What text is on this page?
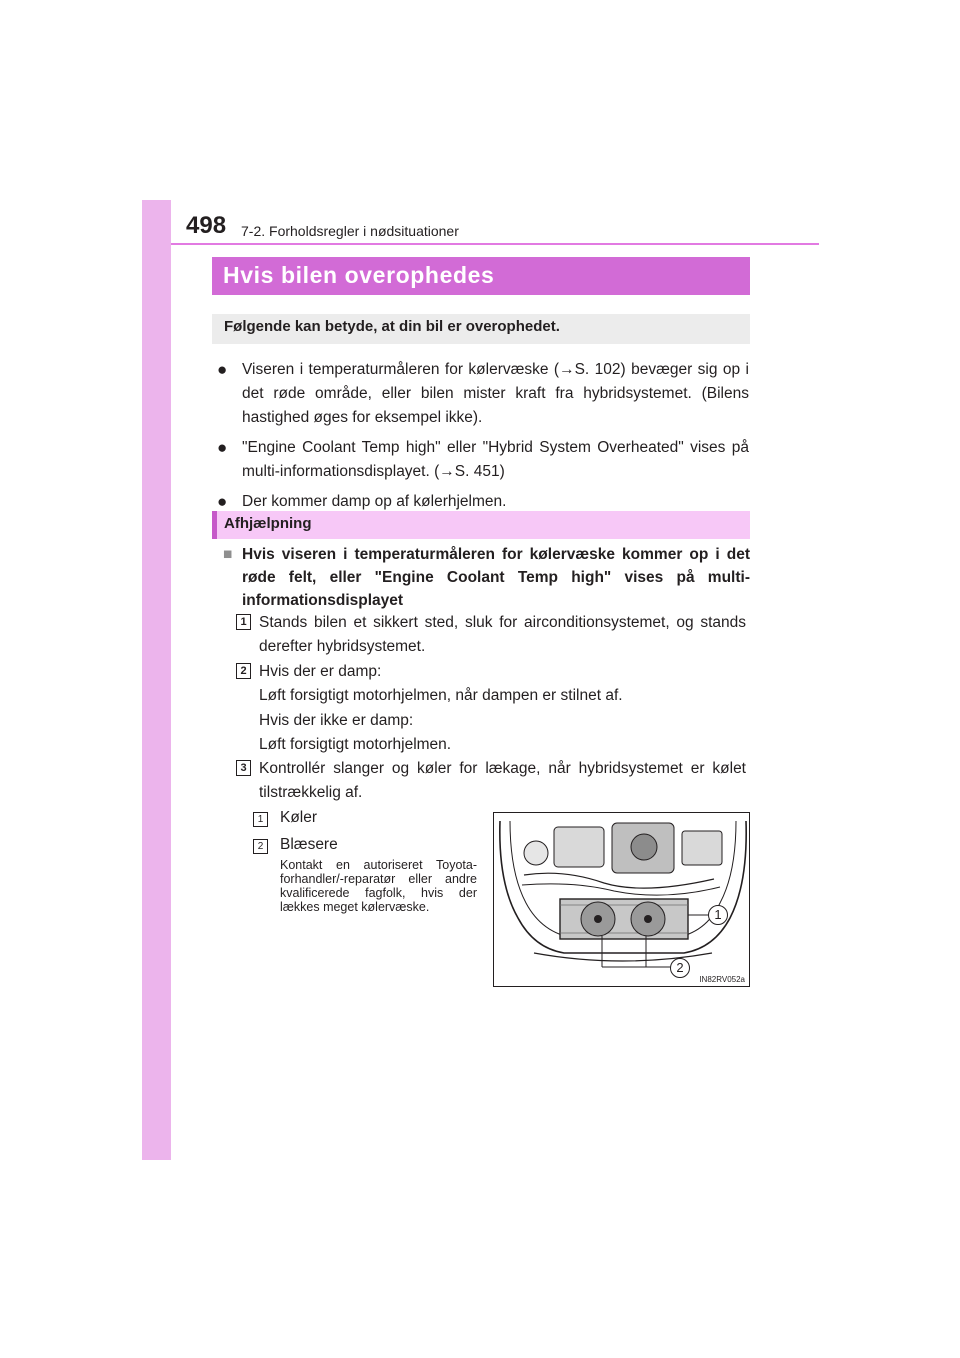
498 7-2. Forholdsregler i nødsituationer
Hvis bilen overophedes
Følgende kan betyde, at din bil er overophedet.
● Viseren i temperaturmåleren for kølervæske (→S. 102) bevæger sig op i det røde område, eller bilen mister kraft fra hybridsystemet. (Bilens hastighed øges for eksempel ikke).
● "Engine Coolant Temp high" eller "Hybrid System Overheated" vises på multi-informationsdisplayet. (→S. 451)
● Der kommer damp op af kølerhjelmen.
Afhjælpning
■ Hvis viseren i temperaturmåleren for kølervæske kommer op i det røde felt, eller "Engine Coolant Temp high" vises på multi-informationsdisplayet
1 Stands bilen et sikkert sted, sluk for airconditionsystemet, og stands derefter hybridsystemet.
2 Hvis der er damp:
Løft forsigtigt motorhjelmen, når dampen er stilnet af.
Hvis der ikke er damp:
Løft forsigtigt motorhjelmen.
3 Kontrollér slanger og køler for lækage, når hybridsystemet er kølet tilstrækkelig af.
1	Køler
2	Blæsere
Kontakt en autoriseret Toyota-forhandler/-reparatør eller andre kvalificerede fagfolk, hvis der lækkes meget kølervæske.	1
2
IN82RV052a
